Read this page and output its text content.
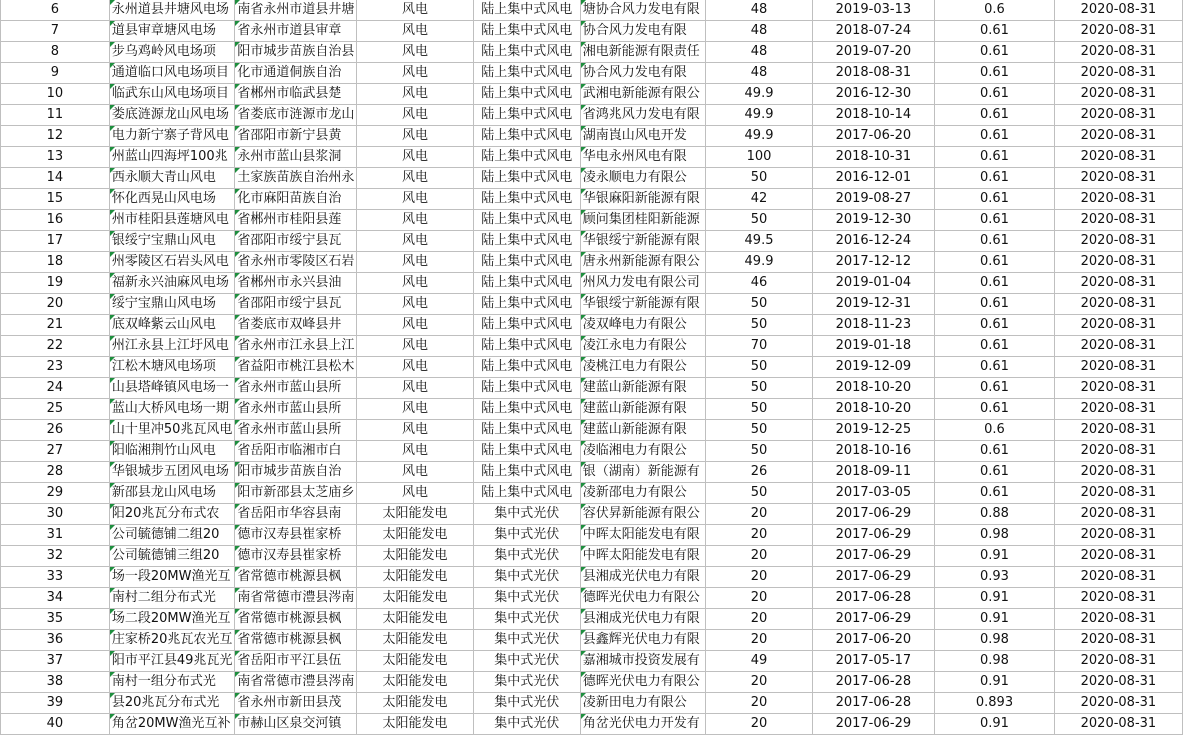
6	永州道县井塘风电场	南省永州市道县井塘	风电	陆上集中式风电	塘协合风力发电有限	48	2019-03-13	0.6	2020-08-31
7	道县审章塘风电场	省永州市道县审章	风电	陆上集中式风电	协合风力发电有限	48	2018-07-24	0.61	2020-08-31
8	步乌鸡岭风电场项	阳市城步苗族自治县	风电	陆上集中式风电	湘电新能源有限责任	48	2019-07-20	0.61	2020-08-31
9	通道临口风电场项目	化市通道侗族自治	风电	陆上集中式风电	协合风力发电有限	48	2018-08-31	0.61	2020-08-31
10	临武东山风电场项目	省郴州市临武县楚	风电	陆上集中式风电	武湘电新能源有限公	49.9	2016-12-30	0.61	2020-08-31
11	娄底涟源龙山风电场	省娄底市涟源市龙山	风电	陆上集中式风电	省鸿兆风力发电有限	49.9	2018-10-14	0.61	2020-08-31
12	电力新宁寨子背风电	省邵阳市新宁县黄	风电	陆上集中式风电	湖南崀山风电开发	49.9	2017-06-20	0.61	2020-08-31
13	州蓝山四海坪100兆	永州市蓝山县浆洞	风电	陆上集中式风电	华电永州风电有限	100	2018-10-31	0.61	2020-08-31
14	西永顺大青山风电	土家族苗族自治州永	风电	陆上集中式风电	凌永顺电力有限公	50	2016-12-01	0.61	2020-08-31
15	怀化西晃山风电场	化市麻阳苗族自治	风电	陆上集中式风电	华银麻阳新能源有限	42	2019-08-27	0.61	2020-08-31
16	州市桂阳县莲塘风电	省郴州市桂阳县莲	风电	陆上集中式风电	顾问集团桂阳新能源	50	2019-12-30	0.61	2020-08-31
17	银绥宁宝鼎山风电	省邵阳市绥宁县瓦	风电	陆上集中式风电	华银绥宁新能源有限	49.5	2016-12-24	0.61	2020-08-31
18	州零陵区石岩头风电	省永州市零陵区石岩	风电	陆上集中式风电	唐永州新能源有限公	49.9	2017-12-12	0.61	2020-08-31
19	福新永兴油麻风电场	省郴州市永兴县油	风电	陆上集中式风电	州风力发电有限公司	46	2019-01-04	0.61	2020-08-31
20	绥宁宝鼎山风电场	省邵阳市绥宁县瓦	风电	陆上集中式风电	华银绥宁新能源有限	50	2019-12-31	0.61	2020-08-31
21	底双峰紫云山风电	省娄底市双峰县井	风电	陆上集中式风电	凌双峰电力有限公	50	2018-11-23	0.61	2020-08-31
22	州江永县上江圩风电	省永州市江永县上江	风电	陆上集中式风电	凌江永电力有限公	70	2019-01-18	0.61	2020-08-31
23	江松木塘风电场项	省益阳市桃江县松木	风电	陆上集中式风电	凌桃江电力有限公	50	2019-12-09	0.61	2020-08-31
24	山县塔峰镇风电场一	省永州市蓝山县所	风电	陆上集中式风电	建蓝山新能源有限	50	2018-10-20	0.61	2020-08-31
25	蓝山大桥风电场一期	省永州市蓝山县所	风电	陆上集中式风电	建蓝山新能源有限	50	2018-10-20	0.61	2020-08-31
26	山十里冲50兆瓦风电	省永州市蓝山县所	风电	陆上集中式风电	建蓝山新能源有限	50	2019-12-25	0.6	2020-08-31
27	阳临湘荆竹山风电	省岳阳市临湘市白	风电	陆上集中式风电	凌临湘电力有限公	50	2018-10-16	0.61	2020-08-31
28	华银城步五团风电场	阳市城步苗族自治	风电	陆上集中式风电	银（湖南）新能源有	26	2018-09-11	0.61	2020-08-31
29	新邵县龙山风电场	阳市新邵县太芝庙乡	风电	陆上集中式风电	凌新邵电力有限公	50	2017-03-05	0.61	2020-08-31
30	阳20兆瓦分布式农	省岳阳市华容县南	太阳能发电	集中式光伏	容伏昇新能源有限公	20	2017-06-29	0.88	2020-08-31
31	公司毓德铺二组20	德市汉寿县崔家桥	太阳能发电	集中式光伏	中晖太阳能发电有限	20	2017-06-29	0.98	2020-08-31
32	公司毓德铺三组20	德市汉寿县崔家桥	太阳能发电	集中式光伏	中晖太阳能发电有限	20	2017-06-29	0.91	2020-08-31
33	场一段20MW渔光互	省常德市桃源县枫	太阳能发电	集中式光伏	县湘成光伏电力有限	20	2017-06-29	0.93	2020-08-31
34	南村二组分布式光	南省常德市澧县涔南	太阳能发电	集中式光伏	德晖光伏电力有限公	20	2017-06-28	0.91	2020-08-31
35	场二段20MW渔光互	省常德市桃源县枫	太阳能发电	集中式光伏	县湘成光伏电力有限	20	2017-06-29	0.91	2020-08-31
36	庄家桥20兆瓦农光互	省常德市桃源县枫	太阳能发电	集中式光伏	县鑫辉光伏电力有限	20	2017-06-20	0.98	2020-08-31
37	阳市平江县49兆瓦光	省岳阳市平江县伍	太阳能发电	集中式光伏	嘉湘城市投资发展有	49	2017-05-17	0.98	2020-08-31
38	南村一组分布式光	南省常德市澧县涔南	太阳能发电	集中式光伏	德晖光伏电力有限公	20	2017-06-28	0.91	2020-08-31
39	县20兆瓦分布式光	省永州市新田县茂	太阳能发电	集中式光伏	凌新田电力有限公	20	2017-06-28	0.893	2020-08-31
40	角岔20MW渔光互补	市赫山区泉交河镇	太阳能发电	集中式光伏	角岔光伏电力开发有	20	2017-06-29	0.91	2020-08-31
